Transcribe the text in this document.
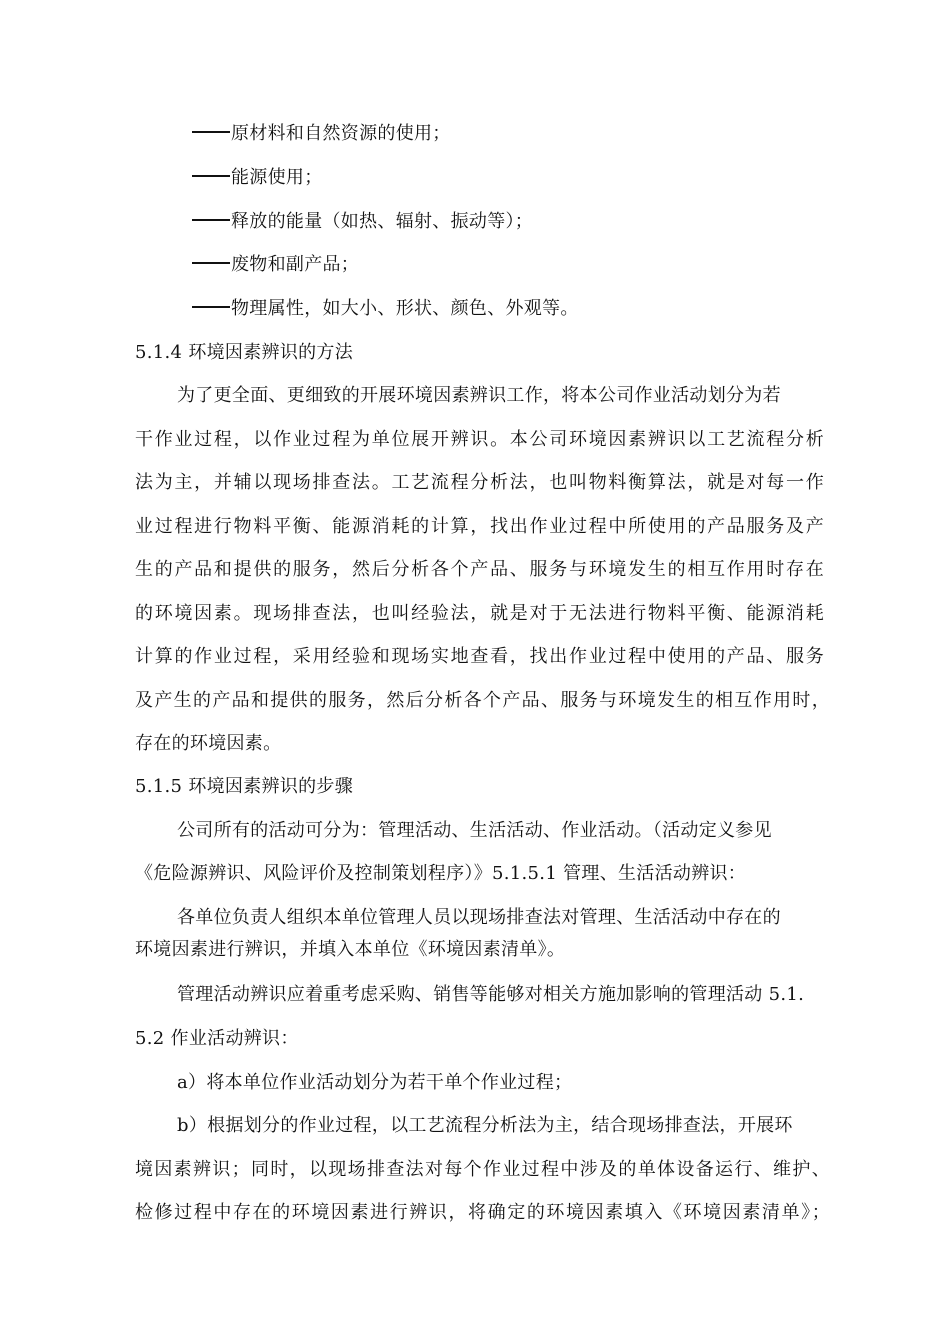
原材料和自然资源的使用；
能源使用；
释放的能量（如热、辐射、振动等）；
废物和副产品；
物理属性，如大小、形状、颜色、外观等。
5.1.4 环境因素辨识的方法
为了更全面、更细致的开展环境因素辨识工作，将本公司作业活动划分为若
干作业过程，以作业过程为单位展开辨识。本公司环境因素辨识以工艺流程分析
法为主，并辅以现场排查法。工艺流程分析法，也叫物料衡算法，就是对每一作
业过程进行物料平衡、能源消耗的计算，找出作业过程中所使用的产品服务及产
生的产品和提供的服务，然后分析各个产品、服务与环境发生的相互作用时存在
的环境因素。现场排查法，也叫经验法，就是对于无法进行物料平衡、能源消耗
计算的作业过程，采用经验和现场实地查看，找出作业过程中使用的产品、服务
及产生的产品和提供的服务，然后分析各个产品、服务与环境发生的相互作用时，
存在的环境因素。
5.1.5 环境因素辨识的步骤
公司所有的活动可分为：管理活动、生活活动、作业活动。（活动定义参见
《危险源辨识、风险评价及控制策划程序）》5.1.5.1 管理、生活活动辨识：
各单位负责人组织本单位管理人员以现场排查法对管理、生活活动中存在的
环境因素进行辨识，并填入本单位《环境因素清单》。
管理活动辨识应着重考虑采购、销售等能够对相关方施加影响的管理活动 5.1.
5.2 作业活动辨识：
a）将本单位作业活动划分为若干单个作业过程；
b）根据划分的作业过程，以工艺流程分析法为主，结合现场排查法，开展环
境因素辨识；同时，以现场排查法对每个作业过程中涉及的单体设备运行、维护、
检修过程中存在的环境因素进行辨识，将确定的环境因素填入《环境因素清单》；
